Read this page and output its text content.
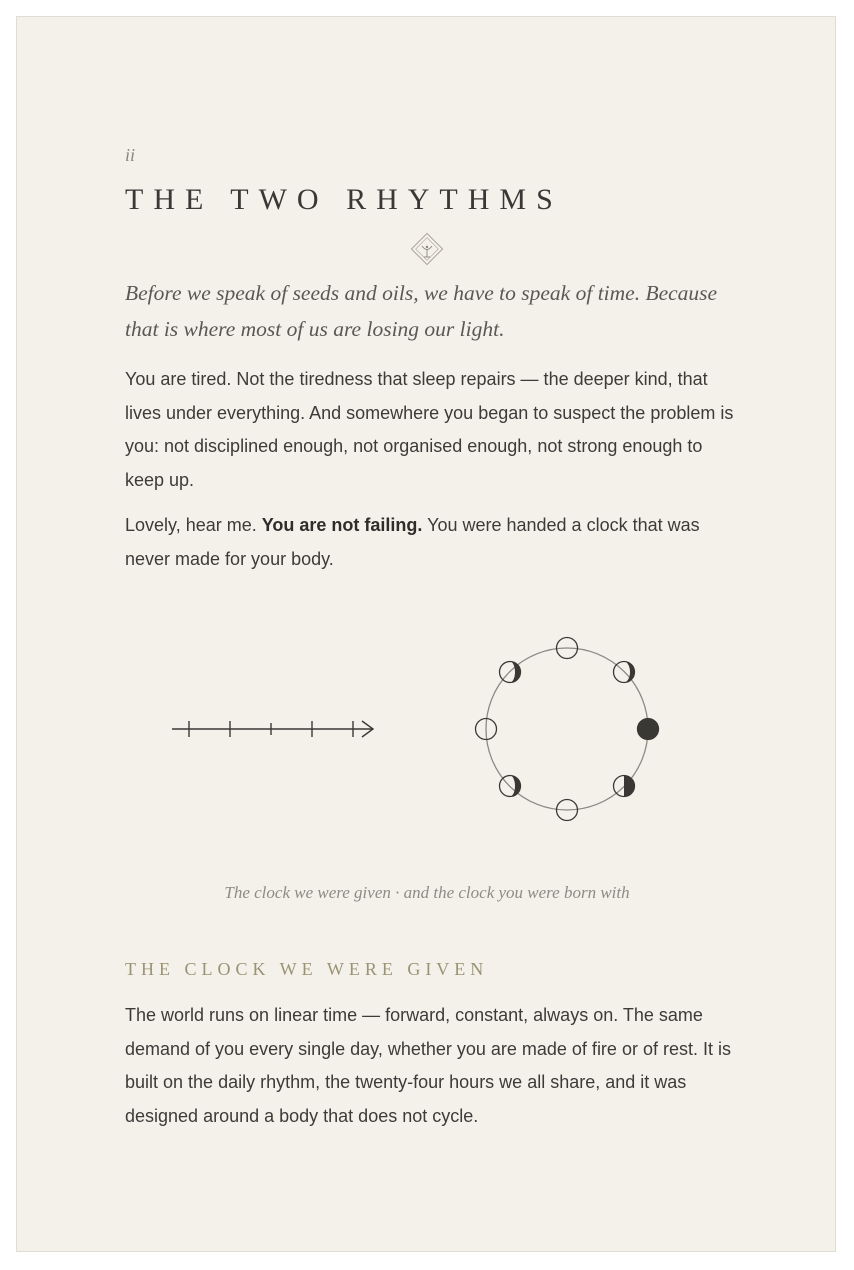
ii
THE TWO RHYTHMS

Before we speak of seeds and oils, we have to speak of time. Because that is where most of us are losing our light.

You are tired. Not the tiredness that sleep repairs — the deeper kind, that lives under everything. And somewhere you began to suspect the problem is you: not disciplined enough, not organised enough, not strong enough to keep up.

Lovely, hear me. You are not failing. You were handed a clock that was never made for your body.

The clock we were given · and the clock you were born with
THE CLOCK WE WERE GIVEN

The world runs on linear time — forward, constant, always on. The same demand of you every single day, whether you are made of fire or of rest. It is built on the daily rhythm, the twenty-four hours we all share, and it was designed around a body that does not cycle.
